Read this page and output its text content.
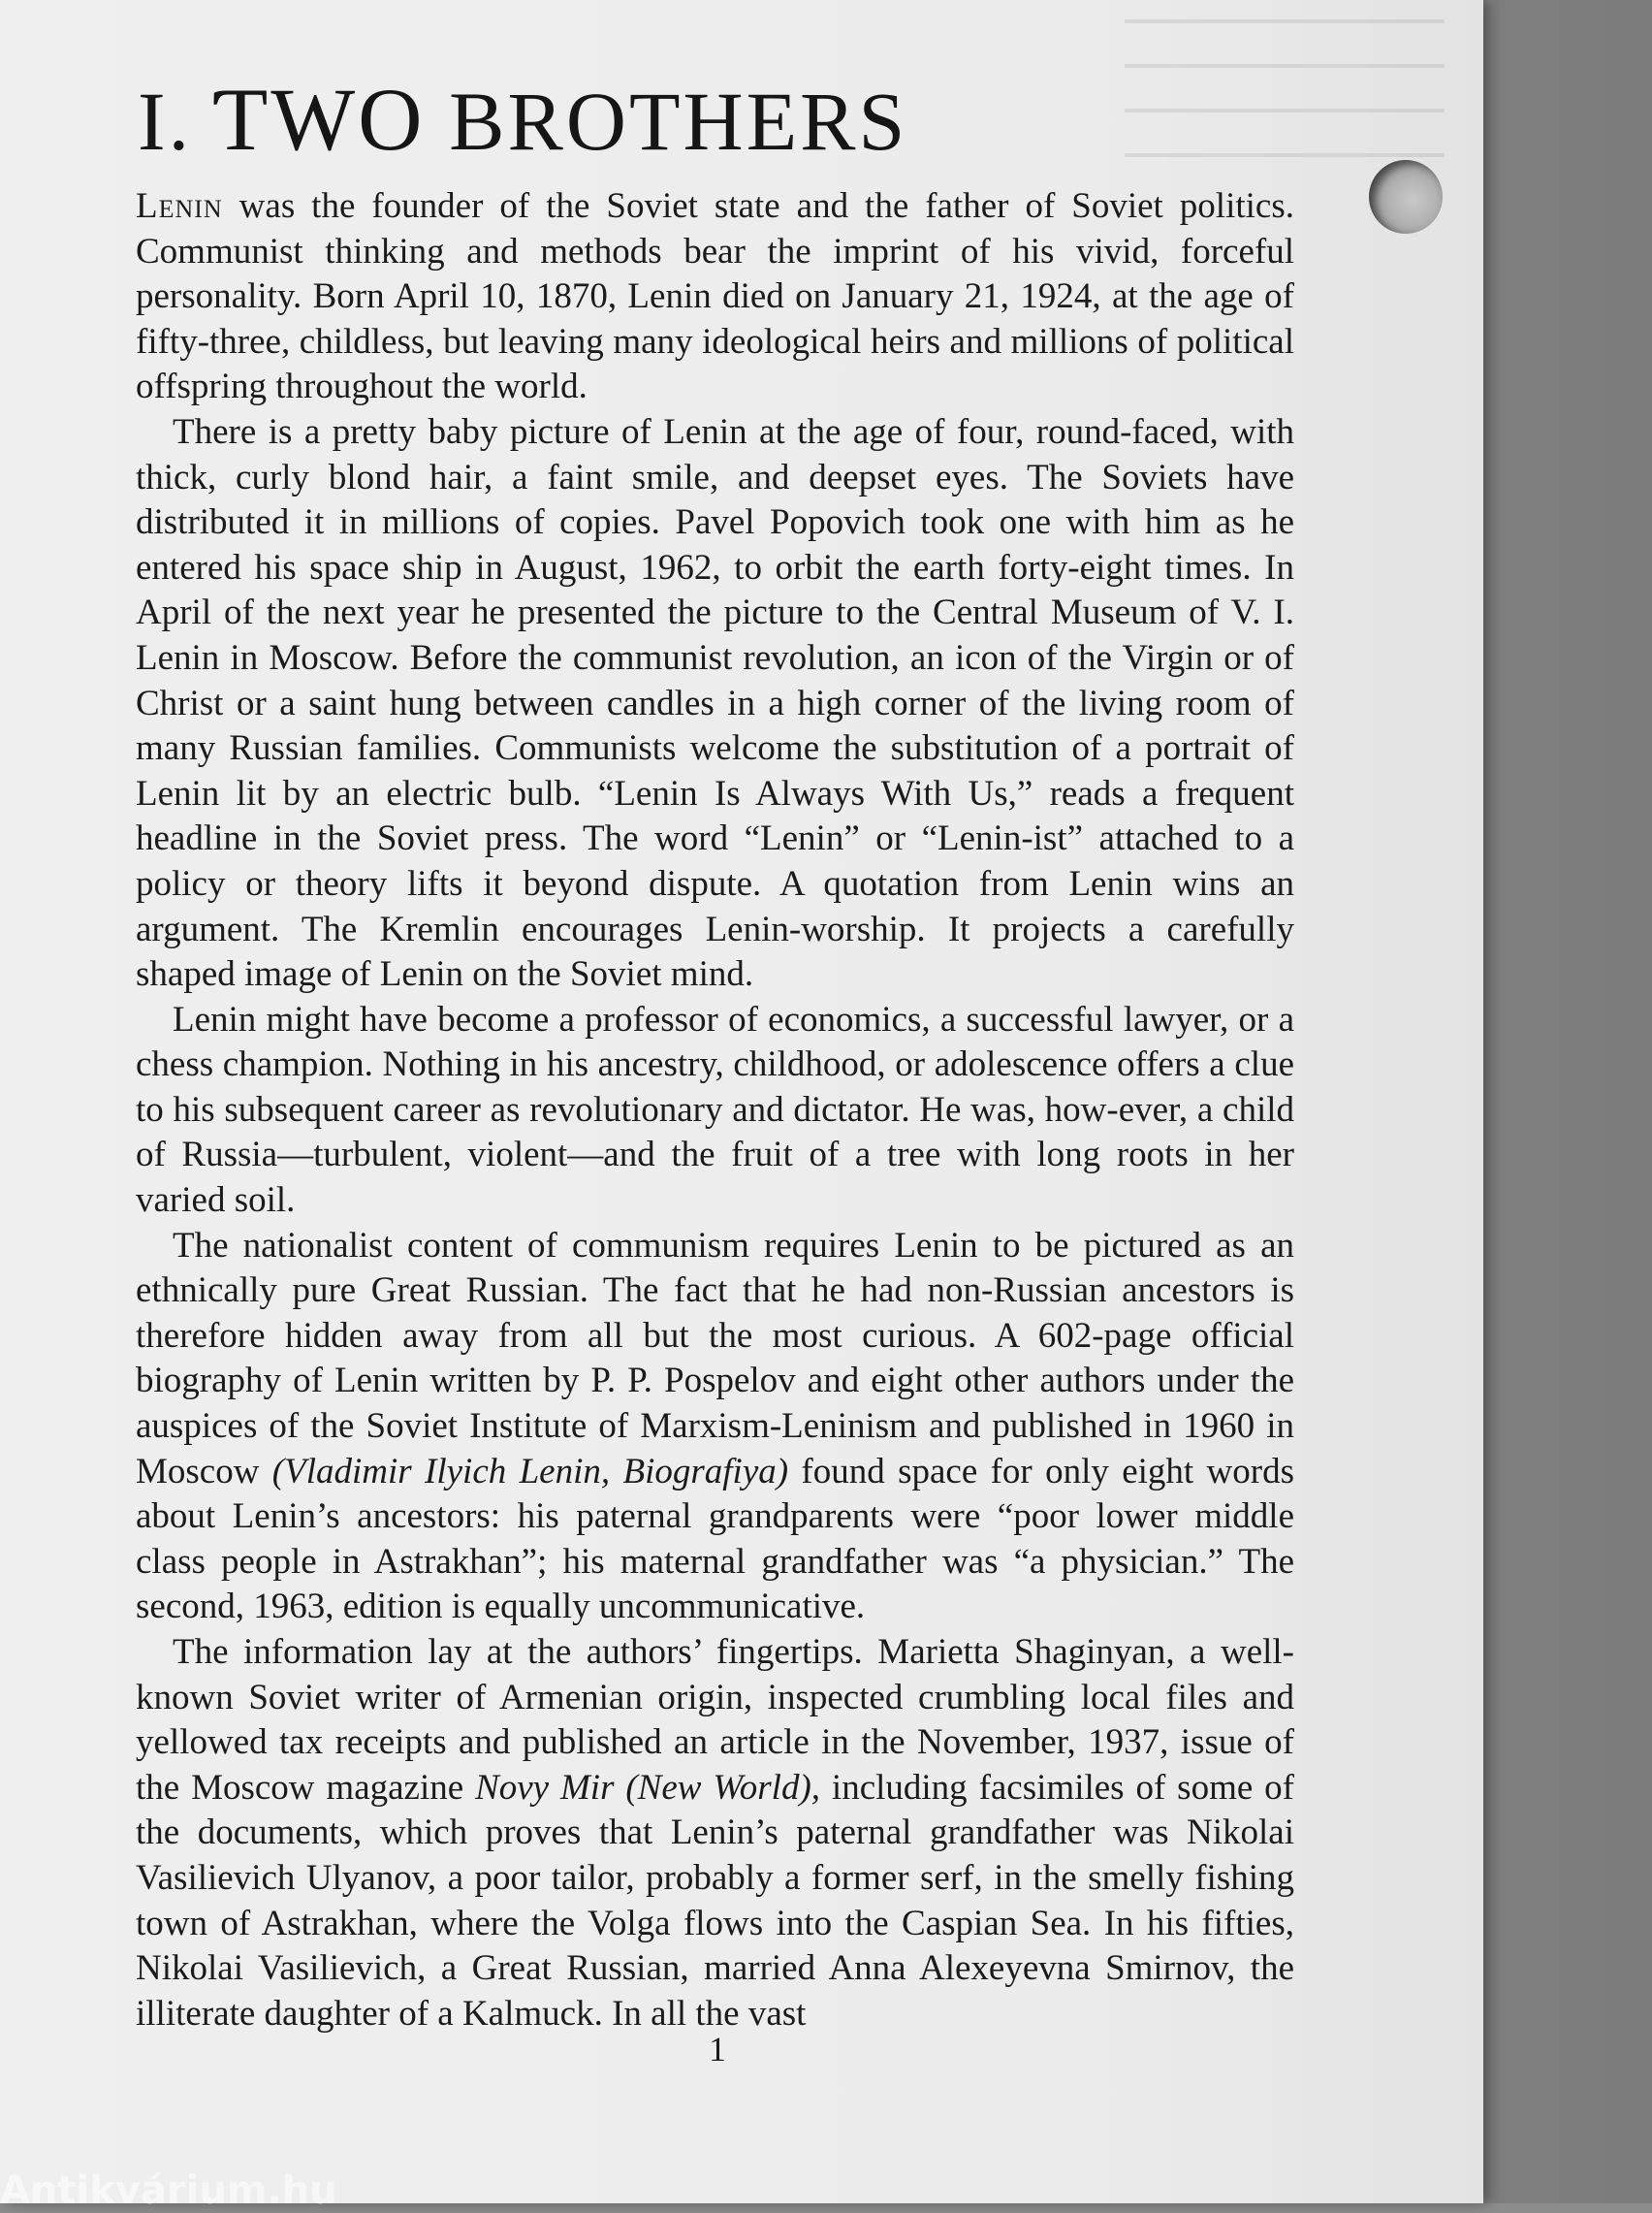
I. ƬWO BROTHERS

Lenin was the founder of the Soviet state and the father of Soviet politics. Communist thinking and methods bear the imprint of his vivid, forceful personality. Born April 10, 1870, Lenin died on January 21, 1924, at the age of fifty-three, childless, but leaving many ideological heirs and millions of political offspring throughout the world.

There is a pretty baby picture of Lenin at the age of four, round-faced, with thick, curly blond hair, a faint smile, and deepset eyes. The Soviets have distributed it in millions of copies. Pavel Popovich took one with him as he entered his space ship in August, 1962, to orbit the earth forty-eight times. In April of the next year he presented the picture to the Central Museum of V. I. Lenin in Moscow. Before the communist revolution, an icon of the Virgin or of Christ or a saint hung between candles in a high corner of the living room of many Russian families. Communists welcome the substitution of a portrait of Lenin lit by an electric bulb. “Lenin Is Always With Us,” reads a frequent headline in the Soviet press. The word “Lenin” or “Lenin-ist” attached to a policy or theory lifts it beyond dispute. A quotation from Lenin wins an argument. The Kremlin encourages Lenin-worship. It projects a carefully shaped image of Lenin on the Soviet mind.

Lenin might have become a professor of economics, a successful lawyer, or a chess champion. Nothing in his ancestry, childhood, or adolescence offers a clue to his subsequent career as revolutionary and dictator. He was, how-ever, a child of Russia—turbulent, violent—and the fruit of a tree with long roots in her varied soil.

The nationalist content of communism requires Lenin to be pictured as an ethnically pure Great Russian. The fact that he had non-Russian ancestors is therefore hidden away from all but the most curious. A 602-page official biography of Lenin written by P. P. Pospelov and eight other authors under the auspices of the Soviet Institute of Marxism-Leninism and published in 1960 in Moscow (Vladimir Ilyich Lenin, Biografiya) found space for only eight words about Lenin’s ancestors: his paternal grandparents were “poor lower middle class people in Astrakhan”; his maternal grandfather was “a physician.” The second, 1963, edition is equally uncommunicative.

The information lay at the authors’ fingertips. Marietta Shaginyan, a well-known Soviet writer of Armenian origin, inspected crumbling local files and yellowed tax receipts and published an article in the November, 1937, issue of the Moscow magazine Novy Mir (New World), including facsimiles of some of the documents, which proves that Lenin’s paternal grandfather was Nikolai Vasilievich Ulyanov, a poor tailor, probably a former serf, in the smelly fishing town of Astrakhan, where the Volga flows into the Caspian Sea. In his fifties, Nikolai Vasilievich, a Great Russian, married Anna Alexeyevna Smirnov, the illiterate daughter of a Kalmuck. In all the vast

1
Antikvárium.hu
